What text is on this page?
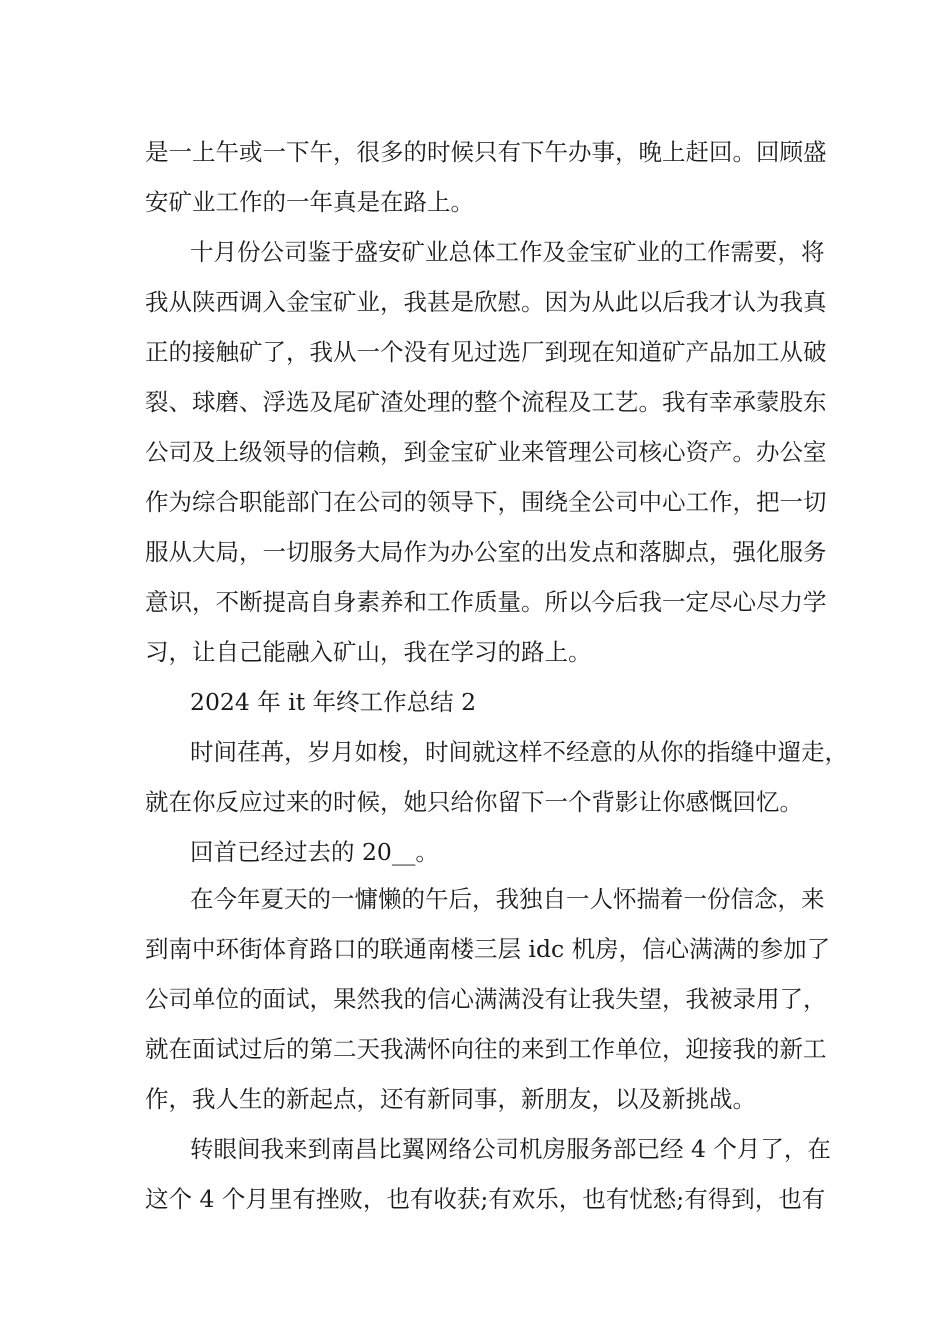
是一上午或一下午，很多的时候只有下午办事，晚上赶回。回顾盛

安矿业工作的一年真是在路上。

十月份公司鉴于盛安矿业总体工作及金宝矿业的工作需要，将

我从陕西调入金宝矿业，我甚是欣慰。因为从此以后我才认为我真

正的接触矿了，我从一个没有见过选厂到现在知道矿产品加工从破

裂、球磨、浮选及尾矿渣处理的整个流程及工艺。我有幸承蒙股东

公司及上级领导的信赖，到金宝矿业来管理公司核心资产。办公室

作为综合职能部门在公司的领导下，围绕全公司中心工作，把一切

服从大局，一切服务大局作为办公室的出发点和落脚点，强化服务

意识，不断提高自身素养和工作质量。所以今后我一定尽心尽力学

习，让自己能融入矿山，我在学习的路上。

2024 年 it 年终工作总结 2

时间荏苒，岁月如梭，时间就这样不经意的从你的指缝中遛走，

就在你反应过来的时候，她只给你留下一个背影让你感慨回忆。

回首已经过去的 20__。

在今年夏天的一慵懒的午后，我独自一人怀揣着一份信念，来

到南中环街体育路口的联通南楼三层 idc 机房，信心满满的参加了

公司单位的面试，果然我的信心满满没有让我失望，我被录用了，

就在面试过后的第二天我满怀向往的来到工作单位，迎接我的新工

作，我人生的新起点，还有新同事，新朋友，以及新挑战。

转眼间我来到南昌比翼网络公司机房服务部已经 4 个月了，在

这个 4 个月里有挫败，也有收获;有欢乐，也有忧愁;有得到，也有
